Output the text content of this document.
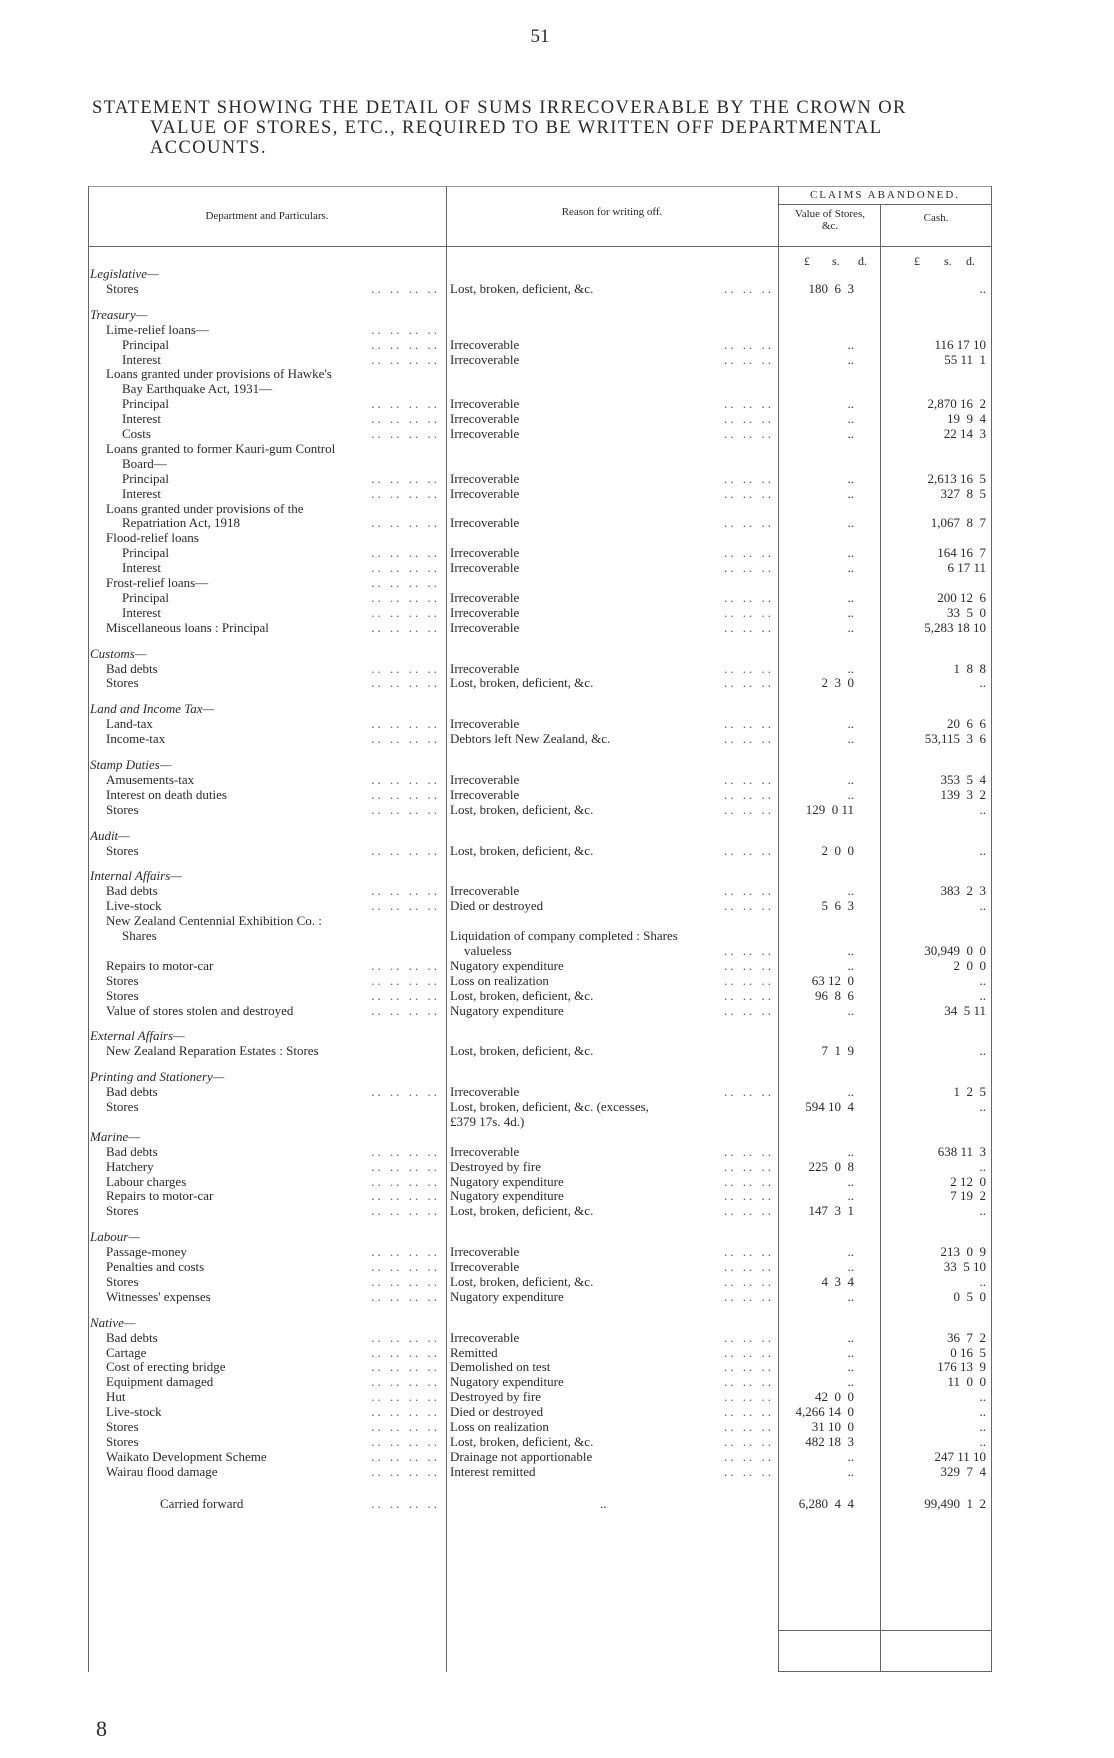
51
STATEMENT SHOWING THE DETAIL OF SUMS IRRECOVERABLE BY THE CROWN OR
VALUE OF STORES, ETC., REQUIRED TO BE WRITTEN OFF DEPARTMENTAL
ACCOUNTS.
Department and Particulars.	Reason for writing off.
CLAIMS ABANDONED.
Value of Stores, &c.
Cash.
£ s. d.	£ s. d.
Legislative—
Stores	.. .. .. .. Lost, broken, deficient, &c.	.. .. ..	180  6  3	..
Treasury—
Lime-relief loans—	.. .. .. ..
Principal	.. .. .. .. Irrecoverable	.. .. ..	..	116 17 10
Interest	.. .. .. .. Irrecoverable	.. .. ..	..	55 11  1
Loans granted under provisions of Hawke's
Bay Earthquake Act, 1931—
Principal	.. .. .. .. Irrecoverable	.. .. ..	..	2,870 16  2
Interest	.. .. .. .. Irrecoverable	.. .. ..	..	19  9  4
Costs	.. .. .. .. Irrecoverable	.. .. ..	..	22 14  3
Loans granted to former Kauri-gum Control
Board—
Principal	.. .. .. .. Irrecoverable	.. .. ..	..	2,613 16  5
Interest	.. .. .. .. Irrecoverable	.. .. ..	..	327  8  5
Loans granted under provisions of the
Repatriation Act, 1918	.. .. .. .. Irrecoverable	.. .. ..	..	1,067  8  7
Flood-relief loans
Principal	.. .. .. .. Irrecoverable	.. .. ..	..	164 16  7
Interest	.. .. .. .. Irrecoverable	.. .. ..	..	6 17 11
Frost-relief loans—	.. .. .. ..
Principal	.. .. .. .. Irrecoverable	.. .. ..	..	200 12  6
Interest	.. .. .. .. Irrecoverable	.. .. ..	..	33  5  0
Miscellaneous loans : Principal	.. .. .. .. Irrecoverable	.. .. ..	..	5,283 18 10
Customs—
Bad debts	.. .. .. .. Irrecoverable	.. .. ..	..	1  8  8
Stores	.. .. .. .. Lost, broken, deficient, &c.	.. .. ..	2  3  0	..
Land and Income Tax—
Land-tax	.. .. .. .. Irrecoverable	.. .. ..	..	20  6  6
Income-tax	.. .. .. .. Debtors left New Zealand, &c.	.. .. ..	..	53,115  3  6
Stamp Duties—
Amusements-tax	.. .. .. .. Irrecoverable	.. .. ..	..	353  5  4
Interest on death duties	.. .. .. .. Irrecoverable	.. .. ..	..	139  3  2
Stores	.. .. .. .. Lost, broken, deficient, &c.	.. .. ..	129  0 11	..
Audit—
Stores	.. .. .. .. Lost, broken, deficient, &c.	.. .. ..	2  0  0	..
Internal Affairs—
Bad debts	.. .. .. .. Irrecoverable	.. .. ..	..	383  2  3
Live-stock	.. .. .. .. Died or destroyed	.. .. ..	5  6  3	..
New Zealand Centennial Exhibition Co. :
Shares	Liquidation of company completed : Shares
valueless	.. .. ..	..	30,949  0  0
Repairs to motor-car	.. .. .. .. Nugatory expenditure	.. .. ..	..	2  0  0
Stores	.. .. .. .. Loss on realization	.. .. ..	63 12  0	..
Stores	.. .. .. .. Lost, broken, deficient, &c.	.. .. ..	96  8  6	..
Value of stores stolen and destroyed	.. .. .. .. Nugatory expenditure	.. .. ..	..	34  5 11
External Affairs—
New Zealand Reparation Estates : Stores	Lost, broken, deficient, &c.	7  1  9	..
Printing and Stationery—
Bad debts	.. .. .. .. Irrecoverable	.. .. ..	..	1  2  5
Stores	Lost, broken, deficient, &c. (excesses,	594 10  4	..
£379 17s. 4d.)
Marine—
Bad debts	.. .. .. .. Irrecoverable	.. .. ..	..	638 11  3
Hatchery	.. .. .. .. Destroyed by fire	.. .. ..	225  0  8	..
Labour charges	.. .. .. .. Nugatory expenditure	.. .. ..	..	2 12  0
Repairs to motor-car	.. .. .. .. Nugatory expenditure	.. .. ..	..	7 19  2
Stores	.. .. .. .. Lost, broken, deficient, &c.	.. .. ..	147  3  1	..
Labour—
Passage-money	.. .. .. .. Irrecoverable	.. .. ..	..	213  0  9
Penalties and costs	.. .. .. .. Irrecoverable	.. .. ..	..	33  5 10
Stores	.. .. .. .. Lost, broken, deficient, &c.	.. .. ..	4  3  4	..
Witnesses' expenses	.. .. .. .. Nugatory expenditure	.. .. ..	..	0  5  0
Native—
Bad debts	.. .. .. .. Irrecoverable	.. .. ..	..	36  7  2
Cartage	.. .. .. .. Remitted	.. .. ..	..	0 16  5
Cost of erecting bridge	.. .. .. .. Demolished on test	.. .. ..	..	176 13  9
Equipment damaged	.. .. .. .. Nugatory expenditure	.. .. ..	..	11  0  0
Hut	.. .. .. .. Destroyed by fire	.. .. ..	42  0  0	..
Live-stock	.. .. .. .. Died or destroyed	.. .. ..	4,266 14  0	..
Stores	.. .. .. .. Loss on realization	.. .. ..	31 10  0	..
Stores	.. .. .. .. Lost, broken, deficient, &c.	.. .. ..	482 18  3	..
Waikato Development Scheme	.. .. .. .. Drainage not apportionable	.. .. ..	..	247 11 10
Wairau flood damage	.. .. .. .. Interest remitted	.. .. ..	..	329  7  4
Carried forward	.. .. .. ..	..	6,280  4  4	99,490  1  2
8
